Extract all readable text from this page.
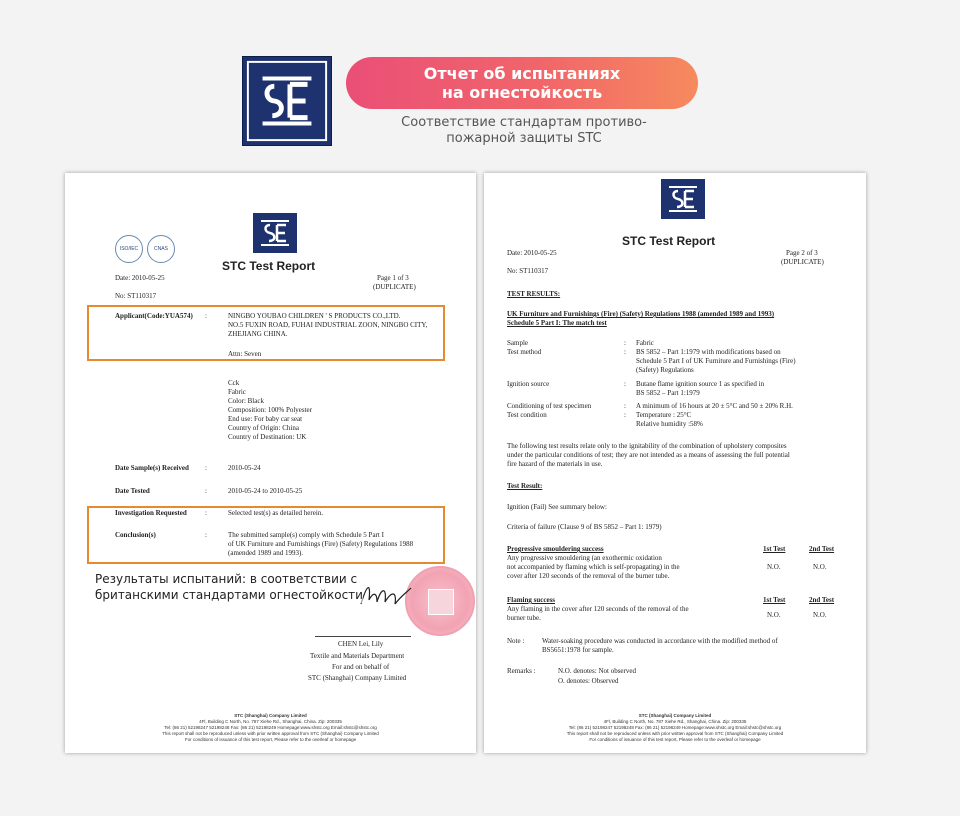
Отчет об испытаниях
на огнестойкость
Соответствие стандартам противо-
пожарной защиты STC
ISO/IEC	CNAS
STC Test Report
Date: 2010-05-25	Page 1 of 3
(DUPLICATE)
No: ST110317
Applicant(Code:YUA574) :	NINGBO YOUBAO CHILDREN ' S PRODUCTS CO.,LTD.
NO.5 FUXIN ROAD, FUHAI INDUSTRIAL ZOON, NINGBO CITY,
ZHEJIANG CHINA.
Attn: Seven
Cck
Fabric
Color: Black
Composition: 100% Polyester
End use: For baby car seat
Country of Origin: China
Country of Destination: UK
Date Sample(s) Received :	2010-05-24
Date Tested	:	2010-05-24 to 2010-05-25
Investigation Requested	:	Selected test(s) as detailed herein.
Conclusion(s)	:	The submitted sample(s) comply with Schedule 5 Part I
of UK Furniture and Furnishings (Fire) (Safety) Regulations 1988
(amended 1989 and 1993).
Результаты испытаний: в соответствии с
британскими стандартами огнестойкости
CHEN Lei, Lily
Textile and Materials Department
For and on behalf of
STC (Shanghai) Company Limited
STC (Shanghai) Company Limited
4Fl, Building C North, No. 787 Xiehe Rd., Shanghai, China. Zip: 200335
Tel: (86 21) 52198247 52198248 Fax: (86 21) 52198249 Homepage:www.shstc.org Email:shstc@shstc.org
This report shall not be reproduced unless with prior written approval from STC (Shanghai) Company Limited
For conditions of issuance of this test report, Please refer to the overleaf or homepage
STC Test Report
Date: 2010-05-25	Page 2 of 3
(DUPLICATE)
No: ST110317
TEST RESULTS:
UK Furniture and Furnishings (Fire) (Safety) Regulations 1988 (amended 1989 and 1993)
Schedule 5 Part I: The match test
Sample	: Fabric
Test method	: BS 5852 – Part 1:1979 with modifications based on
Schedule 5 Part I of UK Furniture and Furnishings (Fire)
(Safety) Regulations
Ignition source	: Butane flame ignition source 1 as specified in
BS 5852 – Part 1:1979
Conditioning of test specimen	: A minimum of 16 hours at 20 ± 5°C and 50 ± 20% R.H.
Test condition	: Temperature : 25°C
Relative humidity :58%
The following test results relate only to the ignitability of the combination of upholstery composites
under the particular conditions of test; they are not intended as a means of assessing the full potential
fire hazard of the materials in use.
Test Result:
Ignition (Fail) See summary below:
Criteria of failure (Clause 9 of BS 5852 – Part 1: 1979)
1st Test	2nd Test
Progressive smouldering success
Any progressive smouldering (an exothermic oxidation
not accompanied by flaming which is self-propagating) in the
cover after 120 seconds of the removal of the burner tube.
N.O.	N.O.
1st Test	2nd Test
Flaming success
Any flaming in the cover after 120 seconds of the removal of the
burner tube.	N.O.	N.O.
Note :	Water-soaking procedure was conducted in accordance with the modified method of
BS5651:1978 for sample.
Remarks :	N.O. denotes: Not observed
O. denotes: Observed
STC (Shanghai) Company Limited
4Fl, Building C North, No. 787 Xiehe Rd., Shanghai, China. Zip: 200335
Tel: (86 21) 52198247 52198248 Fax: (86 21) 52198249 Homepage:www.shstc.org Email:shstc@shstc.org
This report shall not be reproduced unless with prior written approval from STC (Shanghai) Company Limited
For conditions of issuance of this test report, Please refer to the overleaf or homepage
